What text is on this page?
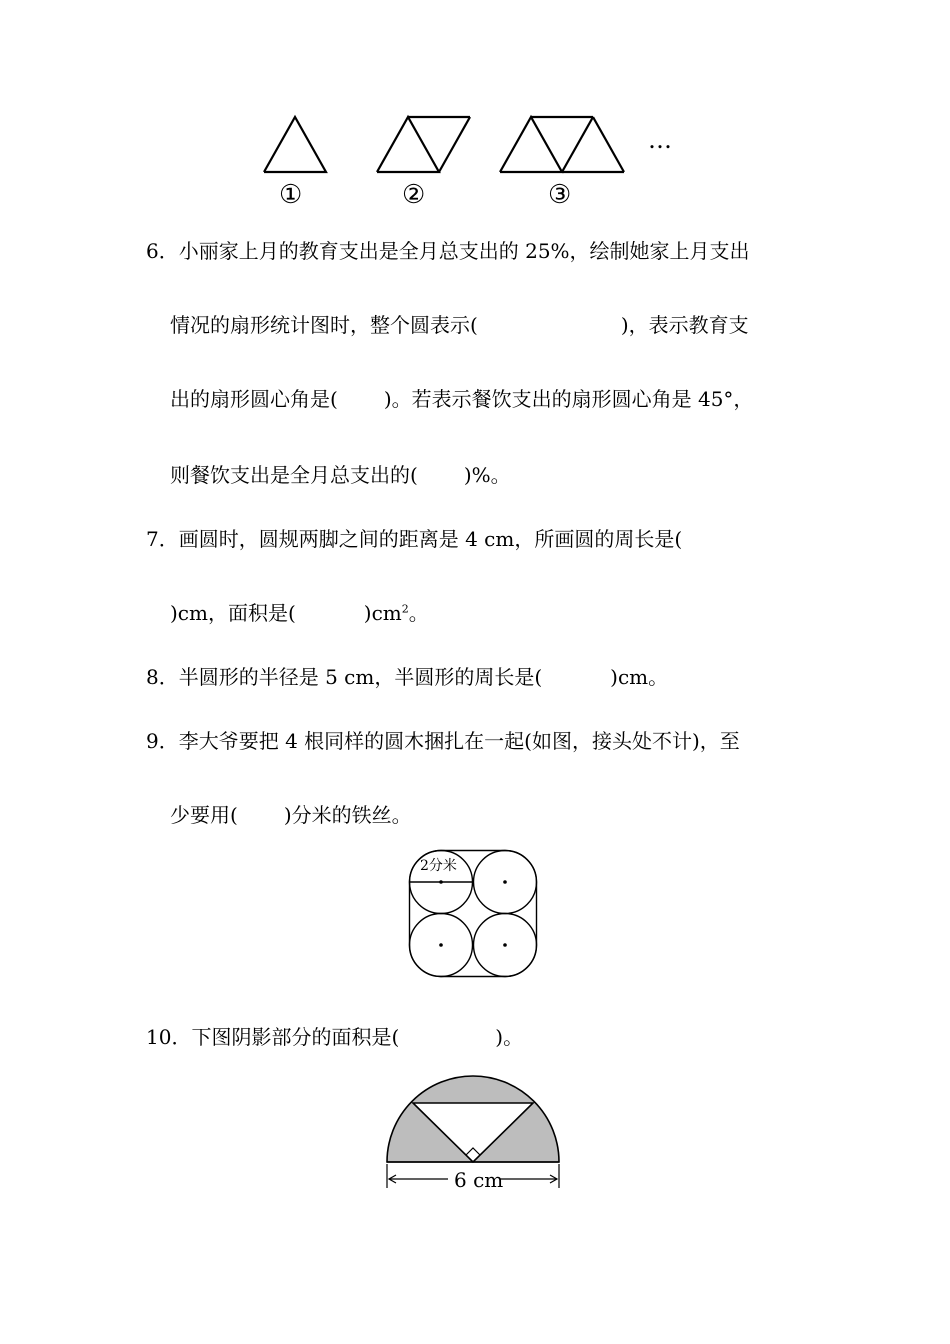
…
①	②	③
6．小丽家上月的教育支出是全月总支出的 25%，绘制她家上月支出
情况的扇形统计图时，整个圆表示(	)，表示教育支
出的扇形圆心角是( )。若表示餐饮支出的扇形圆心角是 45°，
则餐饮支出是全月总支出的( )%。
7．画圆时，圆规两脚之间的距离是 4 cm，所画圆的周长是(
)cm，面积是(	)$cm^2$。
8．半圆形的半径是 5 cm，半圆形的周长是(	)cm。
9．李大爷要把 4 根同样的圆木捆扎在一起(如图，接头处不计)，至
少要用( )分米的铁丝。
2分米
10．下图阴影部分的面积是(	)。
6 cm
